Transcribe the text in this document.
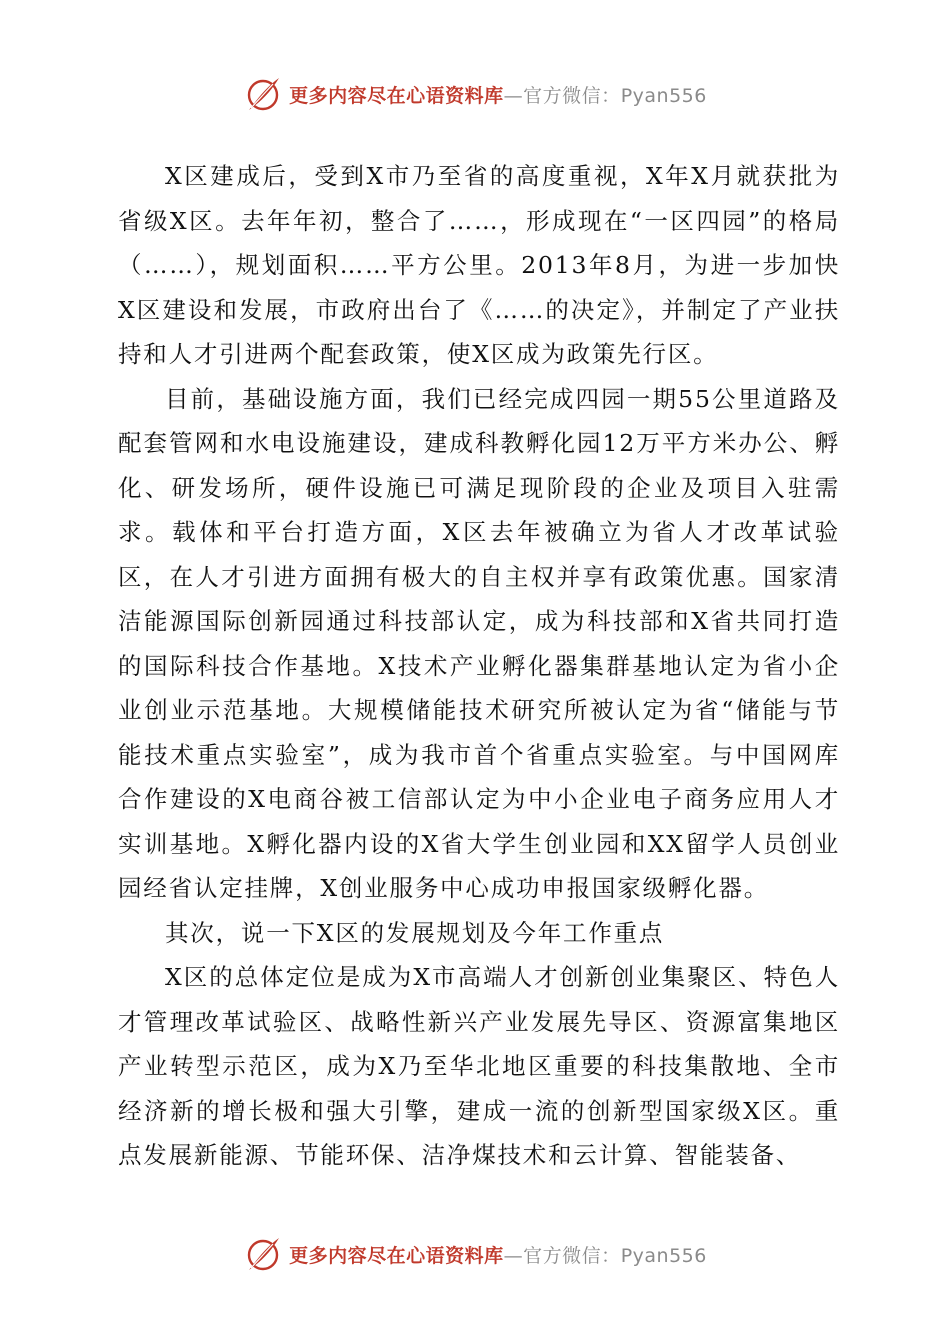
更多内容尽在心语资料库—官方微信：Pyan556

X区建成后，受到X市乃至省的高度重视，X年X月就获批为省级X区。去年年初，整合了……，形成现在“一区四园”的格局（……），规划面积……平方公里。2013年8月，为进一步加快X区建设和发展，市政府出台了《……的决定》，并制定了产业扶持和人才引进两个配套政策，使X区成为政策先行区。

目前，基础设施方面，我们已经完成四园一期55公里道路及配套管网和水电设施建设，建成科教孵化园12万平方米办公、孵化、研发场所，硬件设施已可满足现阶段的企业及项目入驻需求。载体和平台打造方面，X区去年被确立为省人才改革试验区，在人才引进方面拥有极大的自主权并享有政策优惠。国家清洁能源国际创新园通过科技部认定，成为科技部和X省共同打造的国际科技合作基地。X技术产业孵化器集群基地认定为省小企业创业示范基地。大规模储能技术研究所被认定为省“储能与节能技术重点实验室”，成为我市首个省重点实验室。与中国网库合作建设的X电商谷被工信部认定为中小企业电子商务应用人才实训基地。X孵化器内设的X省大学生创业园和XX留学人员创业园经省认定挂牌，X创业服务中心成功申报国家级孵化器。

其次，说一下X区的发展规划及今年工作重点

X区的总体定位是成为X市高端人才创新创业集聚区、特色人才管理改革试验区、战略性新兴产业发展先导区、资源富集地区产业转型示范区，成为X乃至华北地区重要的科技集散地、全市经济新的增长极和强大引擎，建成一流的创新型国家级X区。重点发展新能源、节能环保、洁净煤技术和云计算、智能装备、

更多内容尽在心语资料库—官方微信：Pyan556
